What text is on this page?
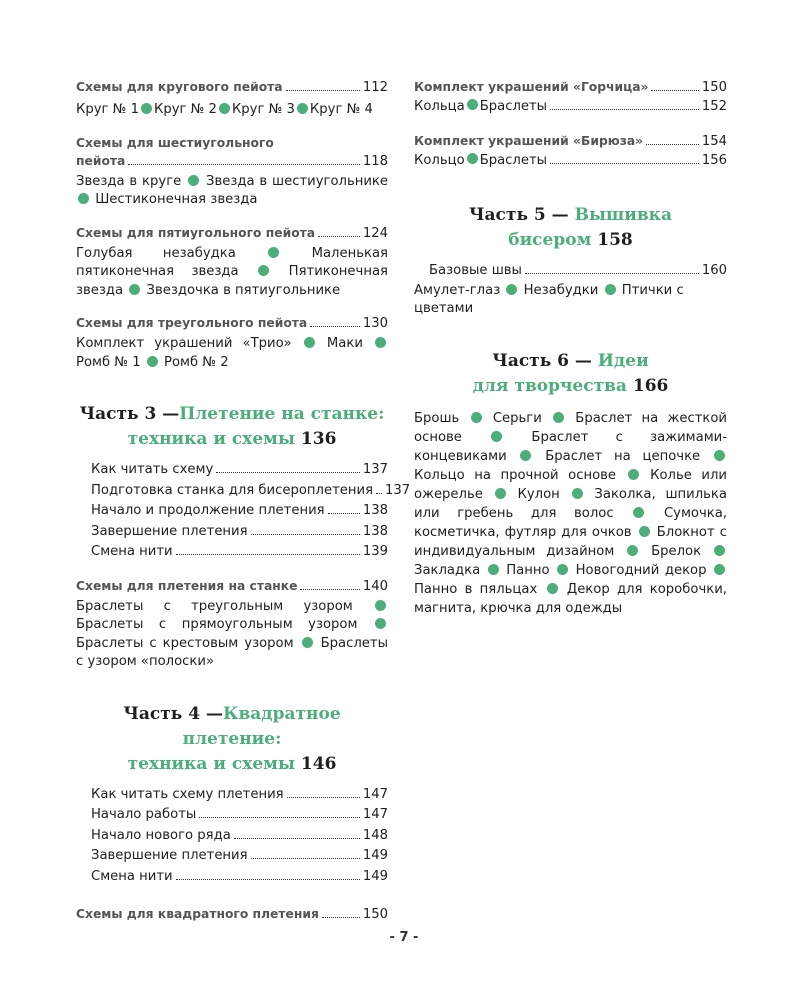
Схемы для кругового пейота	112
Круг № 1 Круг № 2 Круг № 3 Круг № 4
Схемы для шестиугольного
пейота	118
Звезда в круге Звезда в шестиугольнике  Шестиконечная звезда
Схемы для пятиугольного пейота	124
Голубая незабудка	Маленькая пятиконечная звезда	Пятиконечная звезда Звездочка в пятиугольнике
Схемы для треугольного пейота	130
Комплект украшений «Трио»	Маки  Ромб № 1 Ромб № 2
Часть 3 —Плетение на станке:
техника и схемы 136
Как читать схему	137
Подготовка станка для бисероплетения 137
Начало и продолжение плетения	138
Завершение плетения	138
Смена нити	139
Схемы для плетения на станке	140
Браслеты с треугольным узором  Браслеты с прямоугольным узором  Браслеты с крестовым узором Браслеты с узором «полоски»
Часть 4 —Квадратное плетение:
техника и схемы 146
Как читать схему плетения	147
Начало работы	147
Начало нового ряда	148
Завершение плетения	149
Смена нити	149
Схемы для квадратного плетения	150
Комплект украшений «Горчица»	150
Кольца Браслеты	152
Комплект украшений «Бирюза»	154
Кольцо Браслеты	156
Часть 5 — Вышивка
бисером 158
Базовые швы	160
Амулет-глаз Незабудки Птички с цветами
Часть 6 — Идеи
для творчества 166
Брошь	Серьги	Браслет на жесткой основе	Браслет с зажимами-концевиками	Браслет на цепочке  Кольцо на прочной основе	Колье или ожерелье	Кулон	Заколка, шпилька или гребень для волос	Сумочка, косметичка, футляр для очков Блокнот с индивидуальным дизайном	Брелок  Закладка Панно Новогодний декор  Панно в пяльцах Декор для коробочки, магнита, крючка для одежды
- 7 -
